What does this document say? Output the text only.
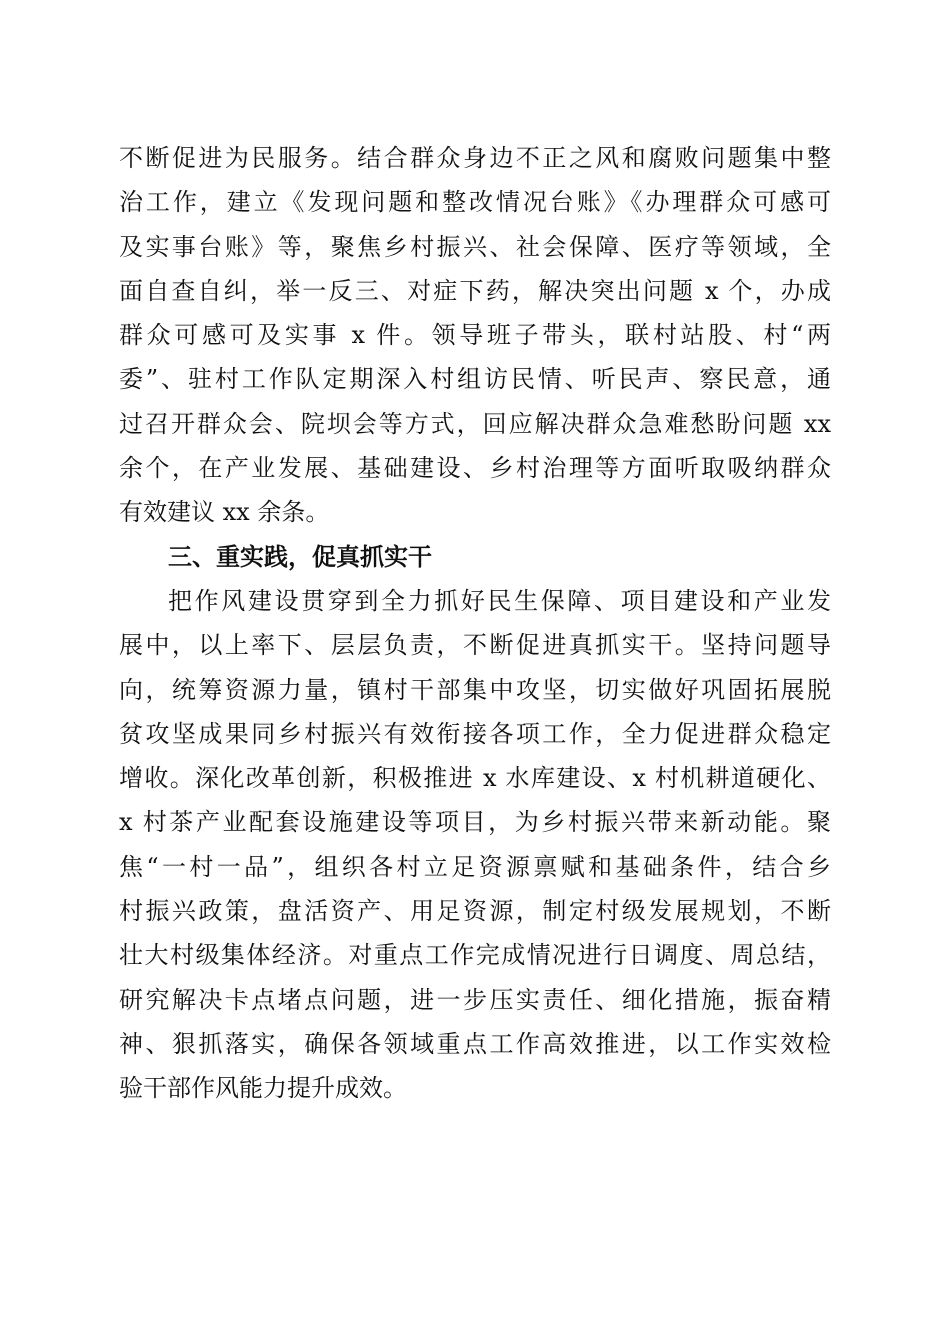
不断促进为民服务。结合群众身边不正之风和腐败问题集中整
治工作，建立《发现问题和整改情况台账》《办理群众可感可
及实事台账》等，聚焦乡村振兴、社会保障、医疗等领域，全
面自查自纠，举一反三、对症下药，解决突出问题 x 个，办成
群众可感可及实事 x 件。领导班子带头，联村站股、村“两
委”、驻村工作队定期深入村组访民情、听民声、察民意，通
过召开群众会、院坝会等方式，回应解决群众急难愁盼问题 xx
余个，在产业发展、基础建设、乡村治理等方面听取吸纳群众
有效建议 xx 余条。
三、重实践，促真抓实干
把作风建设贯穿到全力抓好民生保障、项目建设和产业发
展中，以上率下、层层负责，不断促进真抓实干。坚持问题导
向，统筹资源力量，镇村干部集中攻坚，切实做好巩固拓展脱
贫攻坚成果同乡村振兴有效衔接各项工作，全力促进群众稳定
增收。深化改革创新，积极推进 x 水库建设、x 村机耕道硬化、
x 村茶产业配套设施建设等项目，为乡村振兴带来新动能。聚
焦“一村一品”，组织各村立足资源禀赋和基础条件，结合乡
村振兴政策，盘活资产、用足资源，制定村级发展规划，不断
壮大村级集体经济。对重点工作完成情况进行日调度、周总结，
研究解决卡点堵点问题，进一步压实责任、细化措施，振奋精
神、狠抓落实，确保各领域重点工作高效推进，以工作实效检
验干部作风能力提升成效。
